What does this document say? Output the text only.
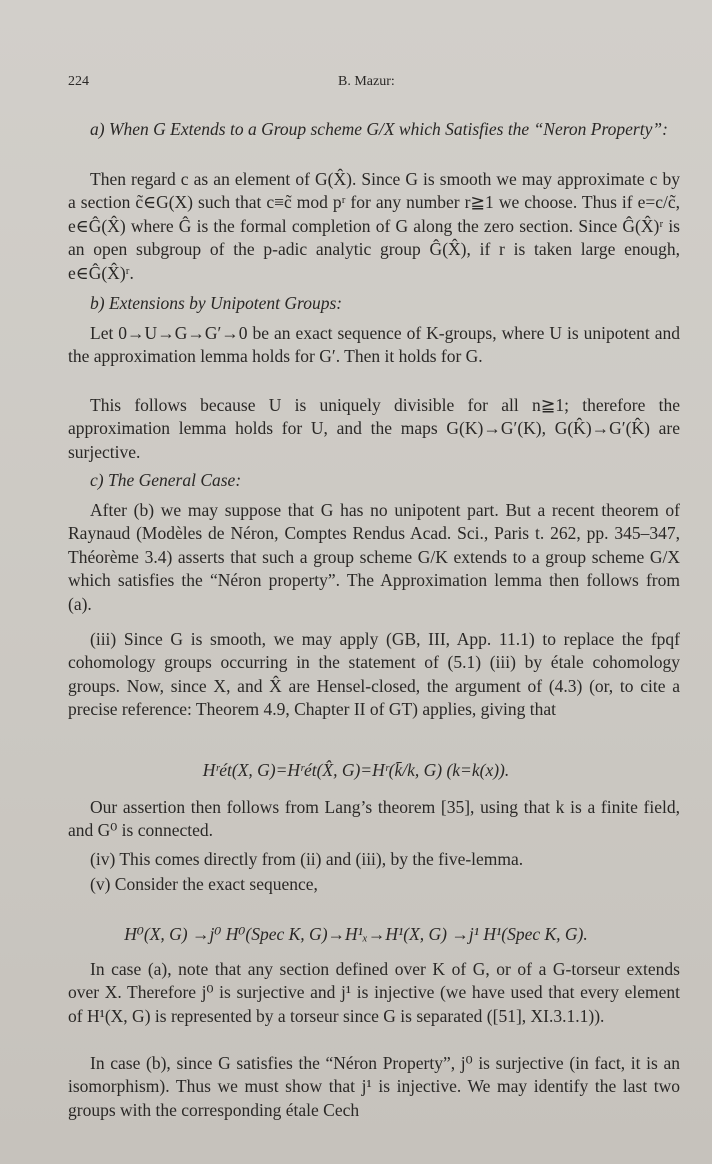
224	B. Mazur:
a) When G Extends to a Group scheme G/X which Satisfies the “Neron Property”:
Then regard c as an element of G(X̂). Since G is smooth we may approximate c by a section c̃∈G(X) such that c≡c̃ mod pʳ for any number r≧1 we choose. Thus if e=c/c̃, e∈Ĝ(X̂) where Ĝ is the formal completion of G along the zero section. Since Ĝ(X̂)ʳ is an open subgroup of the p-adic analytic group Ĝ(X̂), if r is taken large enough, e∈Ĝ(X̂)ʳ.
b) Extensions by Unipotent Groups:
Let 0→U→G→G′→0 be an exact sequence of K-groups, where U is unipotent and the approximation lemma holds for G′. Then it holds for G.
This follows because U is uniquely divisible for all n≧1; therefore the approximation lemma holds for U, and the maps G(K)→G′(K), G(K̂)→G′(K̂) are surjective.
c) The General Case:
After (b) we may suppose that G has no unipotent part. But a recent theorem of Raynaud (Modèles de Néron, Comptes Rendus Acad. Sci., Paris t. 262, pp. 345–347, Théorème 3.4) asserts that such a group scheme G/K extends to a group scheme G/X which satisfies the “Néron property”. The Approximation lemma then follows from (a).
(iii) Since G is smooth, we may apply (GB, III, App. 11.1) to replace the fpqf cohomology groups occurring in the statement of (5.1) (iii) by étale cohomology groups. Now, since X, and X̂ are Hensel-closed, the argument of (4.3) (or, to cite a precise reference: Theorem 4.9, Chapter II of GT) applies, giving that
Hʳét(X, G)=Hʳét(X̂, G)=Hʳ(k̄/k, G) (k=k(x)).
Our assertion then follows from Lang’s theorem [35], using that k is a finite field, and G⁰ is connected.
(iv) This comes directly from (ii) and (iii), by the five-lemma.
(v) Consider the exact sequence,
H⁰(X, G) →j⁰ H⁰(Spec K, G)→H¹ₓ→H¹(X, G) →j¹ H¹(Spec K, G).
In case (a), note that any section defined over K of G, or of a G-torseur extends over X. Therefore j⁰ is surjective and j¹ is injective (we have used that every element of H¹(X, G) is represented by a torseur since G is separated ([51], XI.3.1.1)).
In case (b), since G satisfies the “Néron Property”, j⁰ is surjective (in fact, it is an isomorphism). Thus we must show that j¹ is injective. We may identify the last two groups with the corresponding étale Cech
